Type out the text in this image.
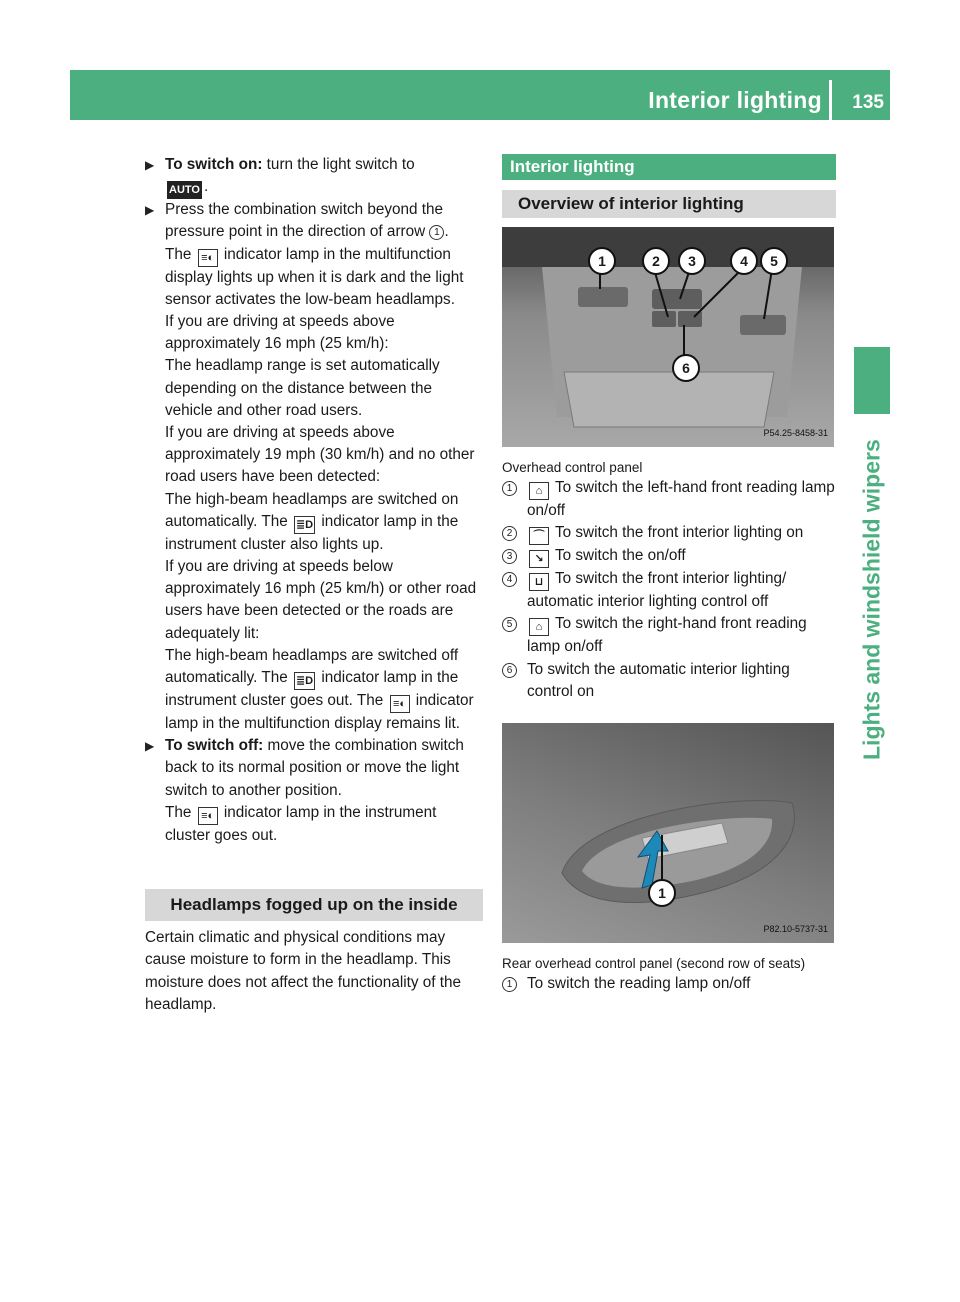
Interior lighting 135
Lights and windshield wipers
▶ To switch on: turn the light switch to
AUTO .
▶ Press the combination switch beyond the pressure point in the direction of arrow 1 .
The ≡◐ indicator lamp in the multifunction display lights up when it is dark and the light sensor activates the low-beam headlamps.
If you are driving at speeds above approximately 16 mph (25 km/h):
The headlamp range is set automatically depending on the distance between the vehicle and other road users.
If you are driving at speeds above approximately 19 mph (30 km/h) and no other road users have been detected:
The high-beam headlamps are switched on automatically. The ≣D indicator lamp in the instrument cluster also lights up.
If you are driving at speeds below approximately 16 mph (25 km/h) or other road users have been detected or the roads are adequately lit:
The high-beam headlamps are switched off automatically. The ≣D indicator lamp in the instrument cluster goes out. The ≡◐ indicator lamp in the multifunction display remains lit.
▶ To switch off: move the combination switch back to its normal position or move the light switch to another position.
The ≡◐ indicator lamp in the instrument cluster goes out.
Headlamps fogged up on the inside
Certain climatic and physical conditions may cause moisture to form in the headlamp. This moisture does not affect the functionality of the headlamp.
Interior lighting
Overview of interior lighting
1	2	3	4	5
6
P54.25-8458-31
Overhead control panel
1	⌂ To switch the left-hand front reading lamp on/off
2	⌒ To switch the front interior lighting on
3	↘ To switch the on/off
4	⊔ To switch the front interior lighting/ automatic interior lighting control off
5	⌂ To switch the right-hand front reading lamp on/off
6 To switch the automatic interior lighting control on
1
P82.10-5737-31
Rear overhead control panel (second row of seats)
1 To switch the reading lamp on/off
